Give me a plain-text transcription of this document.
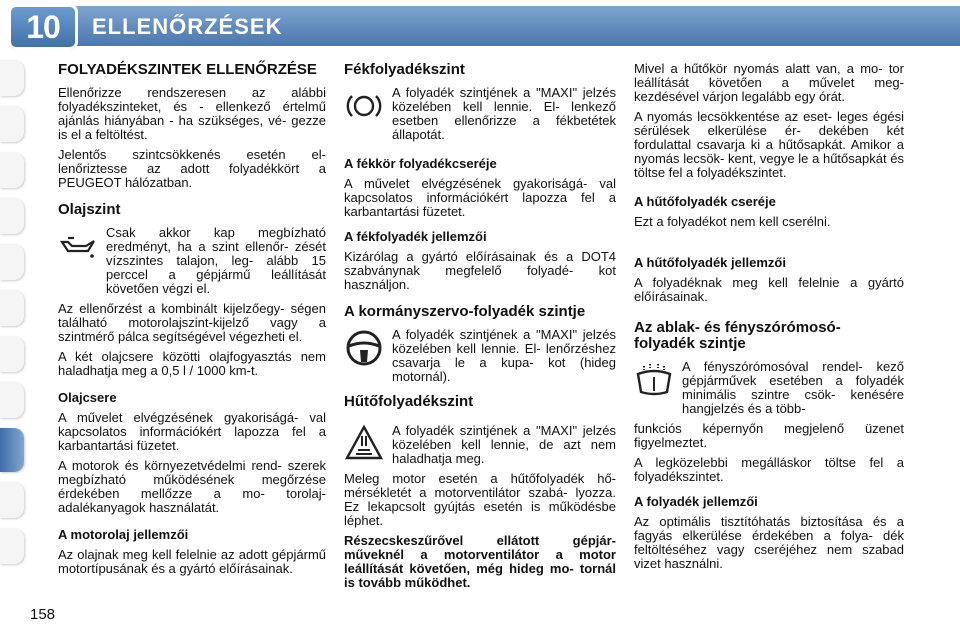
10	ELLENŐRZÉSEK
FOLYADÉKSZINTEK ELLENŐRZÉSE

Ellenőrizze rendszeresen az alábbi folyadékszinteket, és - ellenkező értelmű ajánlás hiányában - ha szükséges, vé- gezze is el a feltöltést.

Jelentős szintcsökkenés esetén el- lenőriztesse az adott folyadékkört a PEUGEOT hálózatban.

Olajszint
Csak akkor kap megbízható eredményt, ha a szint ellenőr- zését vízszintes talajon, leg- alább 15 perccel a gépjármű leállítását követően végzi el.

Az ellenőrzést a kombinált kijelzőegy- ségen található motorolajszint-kijelző vagy a szintmérő pálca segítségével végezheti el.

A két olajcsere közötti olajfogyasztás nem haladhatja meg a 0,5 l / 1000 km-t.

Olajcsere

A művelet elvégzésének gyakoriságá- val kapcsolatos információkért lapozza fel a karbantartási füzetet.

A motorok és környezetvédelmi rend- szerek megbízható működésének megőrzése érdekében mellőzze a mo- torolaj-adalékanyagok használatát.

A motorolaj jellemzői

Az olajnak meg kell felelnie az adott gépjármű motortípusának és a gyártó előírásainak.

Fékfolyadékszint
A folyadék szintjének a "MAXI" jelzés közelében kell lennie. El- lenkező esetben ellenőrizze a fékbetétek állapotát.
A fékkör folyadékcseréje

A művelet elvégzésének gyakoriságá- val kapcsolatos információkért lapozza fel a karbantartási füzetet.

A fékfolyadék jellemzői

Kizárólag a gyártó előírásainak és a DOT4 szabványnak megfelelő folyadé- kot használjon.

A kormányszervo-folyadék szintje
A folyadék szintjének a "MAXI" jelzés közelében kell lennie. El- lenőrzéshez csavarja le a kupa- kot (hideg motornál).
Hűtőfolyadékszint
A folyadék szintjének a "MAXI" jelzés közelében kell lennie, de azt nem haladhatja meg.

Meleg motor esetén a hűtőfolyadék hő- mérsékletét a motorventilátor szabá- lyozza. Ez lekapcsolt gyújtás esetén is működésbe léphet.

Részecskeszűrővel ellátott gépjár- műveknél a motorventilátor a motor leállítását követően, még hideg mo- tornál is tovább működhet.

Mivel a hűtőkör nyomás alatt van, a mo- tor leállítását követően a művelet meg- kezdésével várjon legalább egy órát.

A nyomás lecsökkentése az eset- leges égési sérülések elkerülése ér- dekében két fordulattal csavarja ki a hűtősapkát. Amikor a nyomás lecsök- kent, vegye le a hűtősapkát és töltse fel a folyadékszintet.

A hűtőfolyadék cseréje

Ezt a folyadékot nem kell cserélni.

A hűtőfolyadék jellemzői

A folyadéknak meg kell felelnie a gyártó előírásainak.

Az ablak- és fényszórómosó- folyadék szintje
A fényszórómosóval rendel- kező gépjárművek esetében a folyadék minimális szintre csök- kenésére hangjelzés és a több-

funkciós képernyőn megjelenő üzenet figyelmeztet.

A legközelebbi megálláskor töltse fel a folyadékszintet.

A folyadék jellemzői

Az optimális tisztítóhatás biztosítása és a fagyás elkerülése érdekében a folya- dék feltöltéséhez vagy cseréjéhez nem szabad vizet használni.

158
